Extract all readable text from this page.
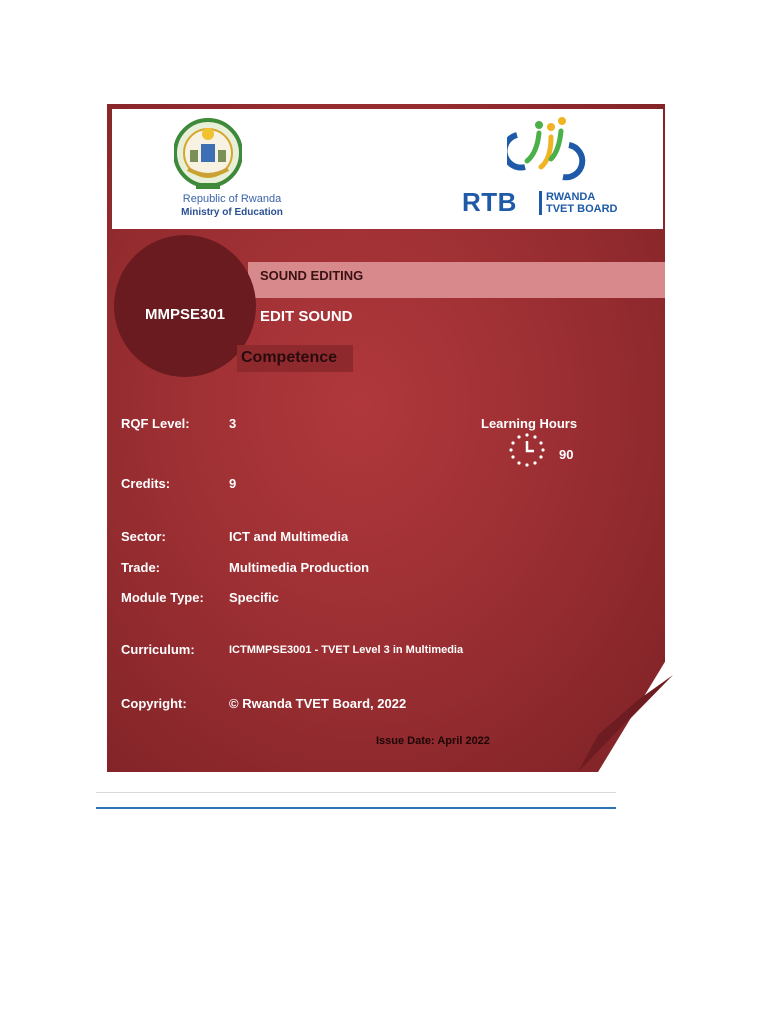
Republic of Rwanda
Ministry of Education	RTB	RWANDA
TVET BOARD
MMPSE301
SOUND EDITING
EDIT SOUND
Competence
RQF Level:	3	Learning Hours
90
Credits:	9
Sector:	ICT and Multimedia
Trade:	Multimedia Production
Module Type: Specific
Curriculum:	ICTMMPSE3001 - TVET Level 3 in Multimedia
Copyright:	© Rwanda TVET Board, 2022
Issue Date: April 2022
